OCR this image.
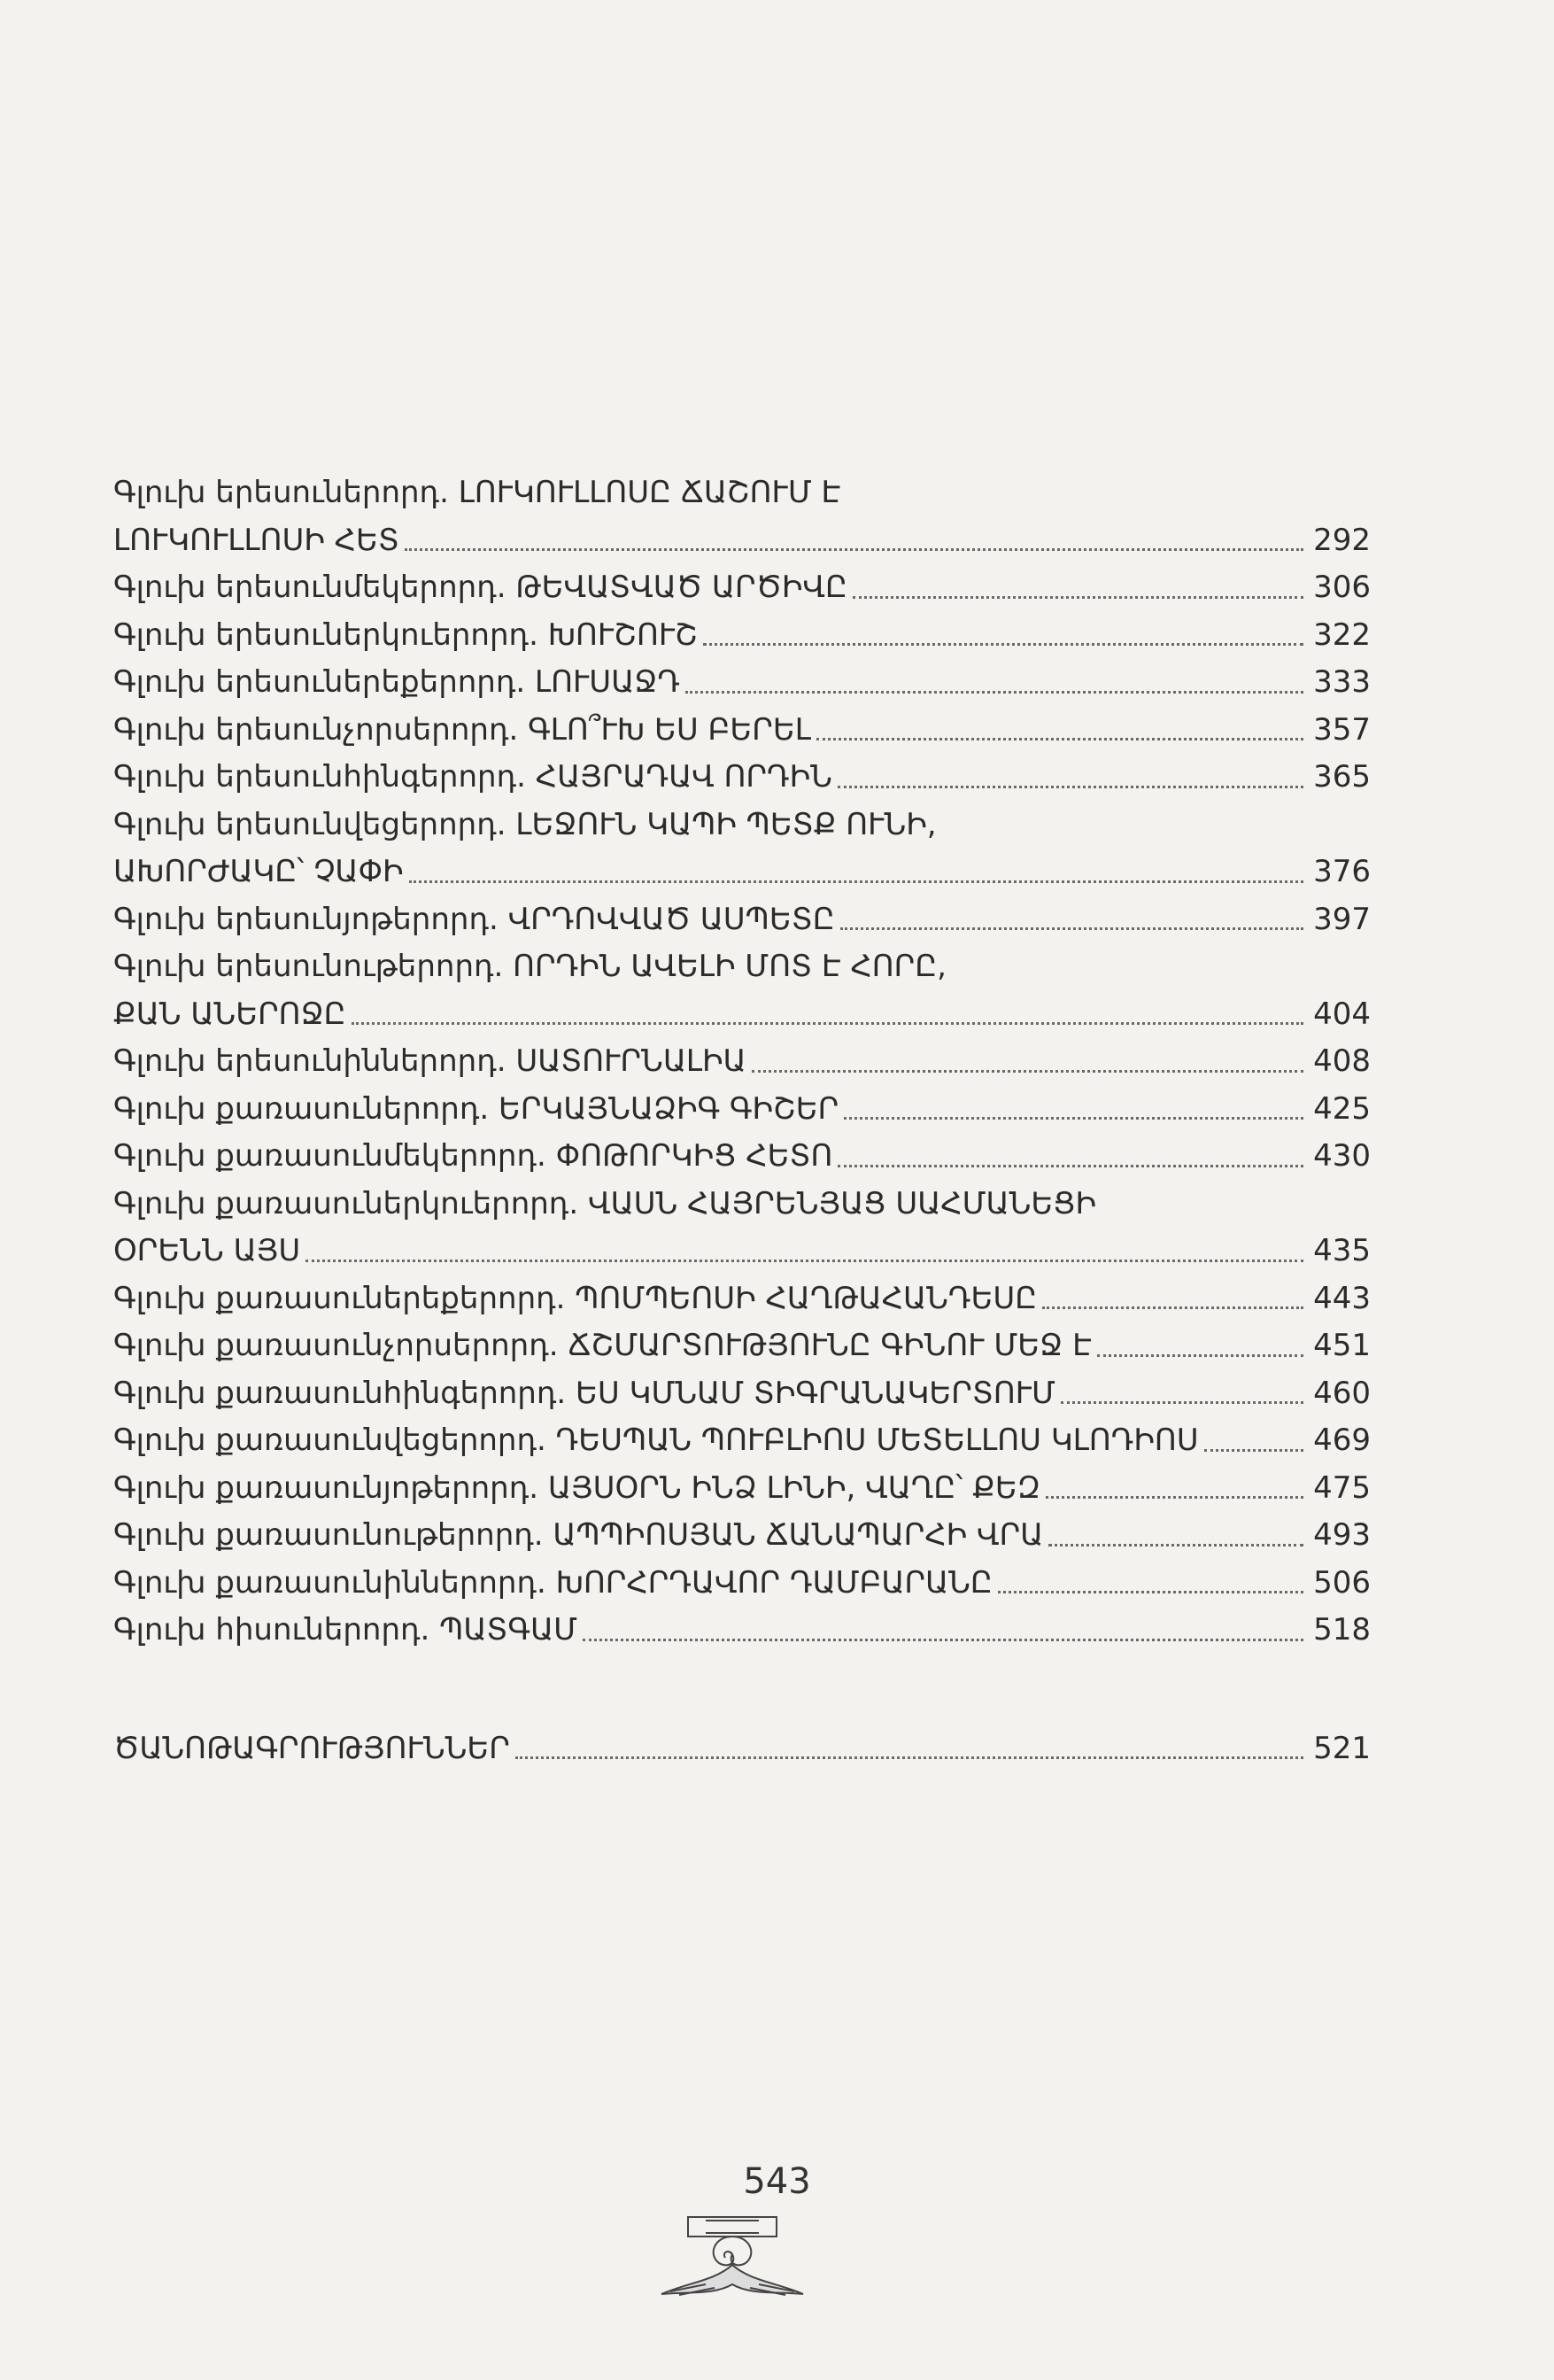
Գլուխ երեսուներորդ. ԼՈՒԿՈՒԼԼՈՍԸ ՃԱՇՈՒՄ Է
ԼՈՒԿՈՒԼԼՈՍԻ ՀԵՏ	292
Գլուխ երեսունմեկերորդ. ԹԵՎԱՏՎԱԾ ԱՐԾԻՎԸ	306
Գլուխ երեսուներկուերորդ. ԽՈՒՇՈՒՇ	322
Գլուխ երեսուներեքերորդ. ԼՈՒՍԱՋԴ	333
Գլուխ երեսունչորսերորդ. ԳԼՈ՞ՒԽ ԵՍ ԲԵՐԵԼ	357
Գլուխ երեսունհինգերորդ. ՀԱՅՐԱԴԱՎ ՈՐԴԻՆ	365
Գլուխ երեսունվեցերորդ. ԼԵՋՈՒՆ ԿԱՊԻ ՊԵՏՔ ՈՒՆԻ,
ԱԽՈՐԺԱԿԸ՝ ՉԱՓԻ	376
Գլուխ երեսունյոթերորդ. ՎՐԴՈՎՎԱԾ ԱՍՊԵՏԸ	397
Գլուխ երեսունութերորդ. ՈՐԴԻՆ ԱՎԵԼԻ ՄՈՏ Է ՀՈՐԸ,
ՔԱՆ ԱՆԵՐՈՋԸ	404
Գլուխ երեսունիններորդ. ՍԱՏՈՒՐՆԱԼԻԱ	408
Գլուխ քառասուներորդ. ԵՐԿԱՅՆԱՁԻԳ ԳԻՇԵՐ	425
Գլուխ քառասունմեկերորդ. ՓՈԹՈՐԿԻՑ ՀԵՏՈ	430
Գլուխ քառասուներկուերորդ. ՎԱՍՆ ՀԱՅՐԵՆՅԱՑ ՍԱՀՄԱՆԵՑԻ
ՕՐԵՆՆ ԱՅՍ	435
Գլուխ քառասուներեքերորդ. ՊՈՄՊԵՈՍԻ ՀԱՂԹԱՀԱՆԴԵՍԸ	443
Գլուխ քառասունչորսերորդ. ՃՇՄԱՐՏՈՒԹՅՈՒՆԸ ԳԻՆՈՒ ՄԵՋ Է	451
Գլուխ քառասունհինգերորդ. ԵՍ ԿՄՆԱՄ ՏԻԳՐԱՆԱԿԵՐՏՈՒՄ	460
Գլուխ քառասունվեցերորդ. ԴԵՍՊԱՆ ՊՈՒԲԼԻՈՍ ՄԵՏԵԼԼՈՍ ԿԼՈԴԻՈՍ	469
Գլուխ քառասունյոթերորդ. ԱՅՍՕՐՆ ԻՆՁ ԼԻՆԻ, ՎԱՂԸ՝ ՔԵԶ	475
Գլուխ քառասունութերորդ. ԱՊՊԻՈՍՅԱՆ ՃԱՆԱՊԱՐՀԻ ՎՐԱ	493
Գլուխ քառասունիններորդ. ԽՈՐՀՐԴԱՎՈՐ ԴԱՄԲԱՐԱՆԸ	506
Գլուխ հիսուներորդ. ՊԱՏԳԱՄ	518
ԾԱՆՈԹԱԳՐՈՒԹՅՈՒՆՆԵՐ	521
543
